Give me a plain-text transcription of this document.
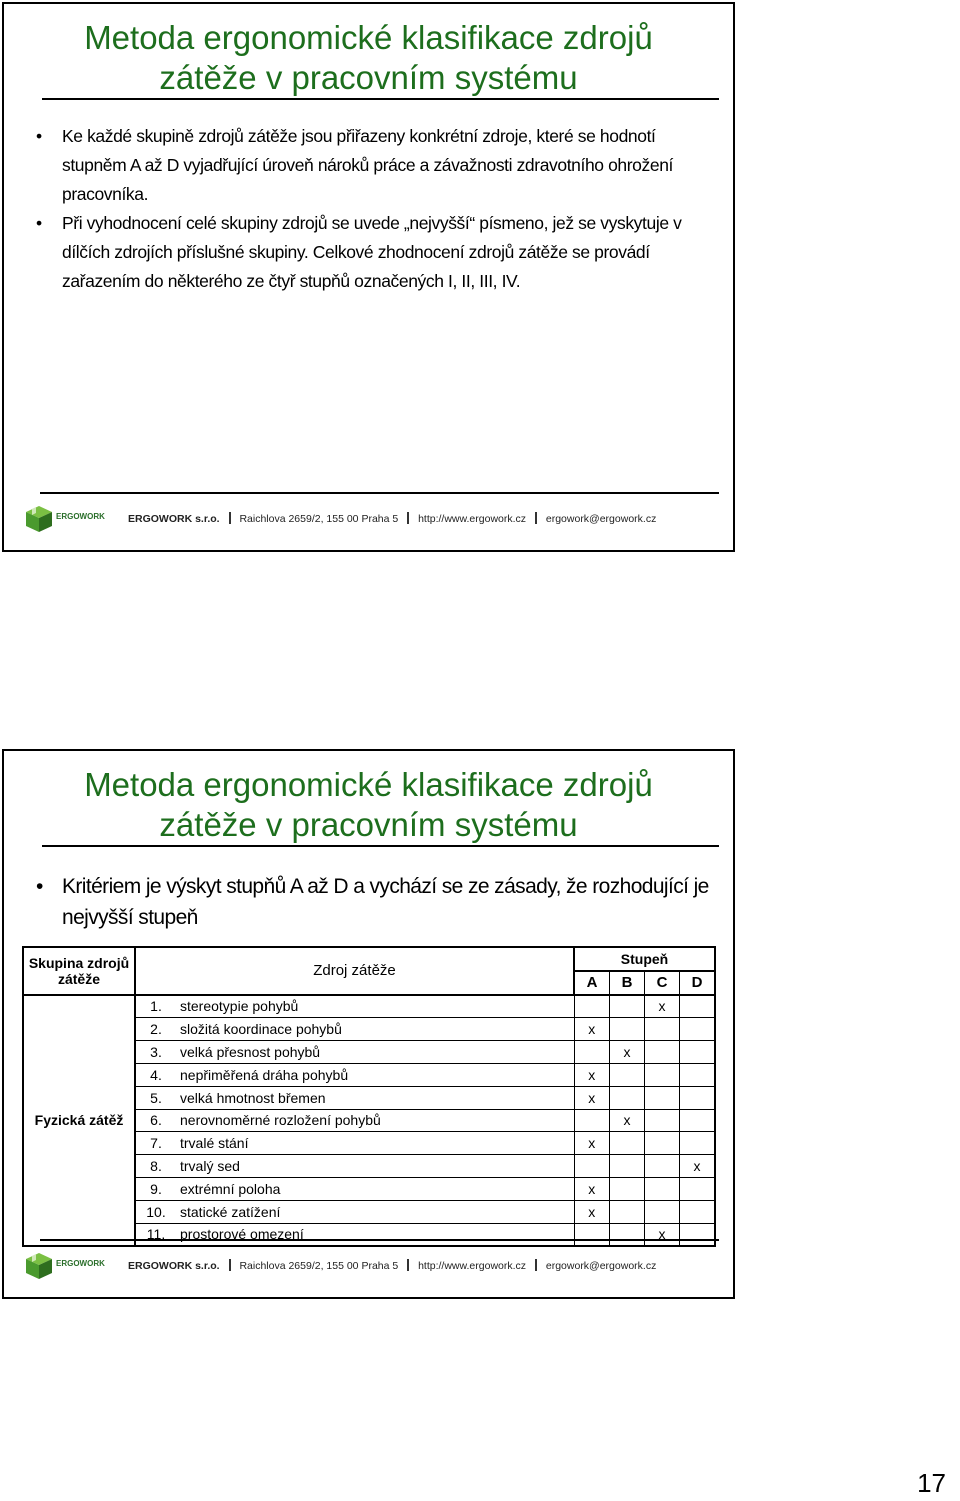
Metoda ergonomické klasifikace zdrojů
zátěže v pracovním systému
• Ke každé skupině zdrojů zátěže jsou přiřazeny konkrétní zdroje, které se hodnotí stupněm A až D vyjadřující úroveň nároků práce a závažnosti zdravotního ohrožení pracovníka.
• Při vyhodnocení celé skupiny zdrojů se uvede „nejvyšší“ písmeno, jež se vyskytuje v dílčích zdrojích příslušné skupiny. Celkové zhodnocení zdrojů zátěže se provádí zařazením do některého ze čtyř stupňů označených I, II, III, IV.
ERGOWORK ERGOWORK s.r.o. Raichlova 2659/2, 155 00 Praha 5 http://www.ergowork.cz ergowork@ergowork.cz
Metoda ergonomické klasifikace zdrojů
zátěže v pracovním systému
• Kritériem je výskyt stupňů A až D a vychází se ze zásady, že rozhodující je nejvyšší stupeň
Skupina zdrojů zátěže	Zdroj zátěže		Stupeň			
			A	B	C	D
Fyzická zátěž	1.	stereotypie pohybů			x	
	2.	složitá koordinace pohybů	x			
	3.	velká přesnost pohybů		x		
	4.	nepřiměřená dráha pohybů	x			
	5.	velká hmotnost břemen	x			
	6.	nerovnoměrné rozložení pohybů		x		
	7.	trvalé stání	x			
	8.	trvalý sed				x
	9.	extrémní poloha	x			
	10.	statické zatížení	x			
	11.	prostorové omezení			x	
ERGOWORK ERGOWORK s.r.o. Raichlova 2659/2, 155 00 Praha 5 http://www.ergowork.cz ergowork@ergowork.cz
17
